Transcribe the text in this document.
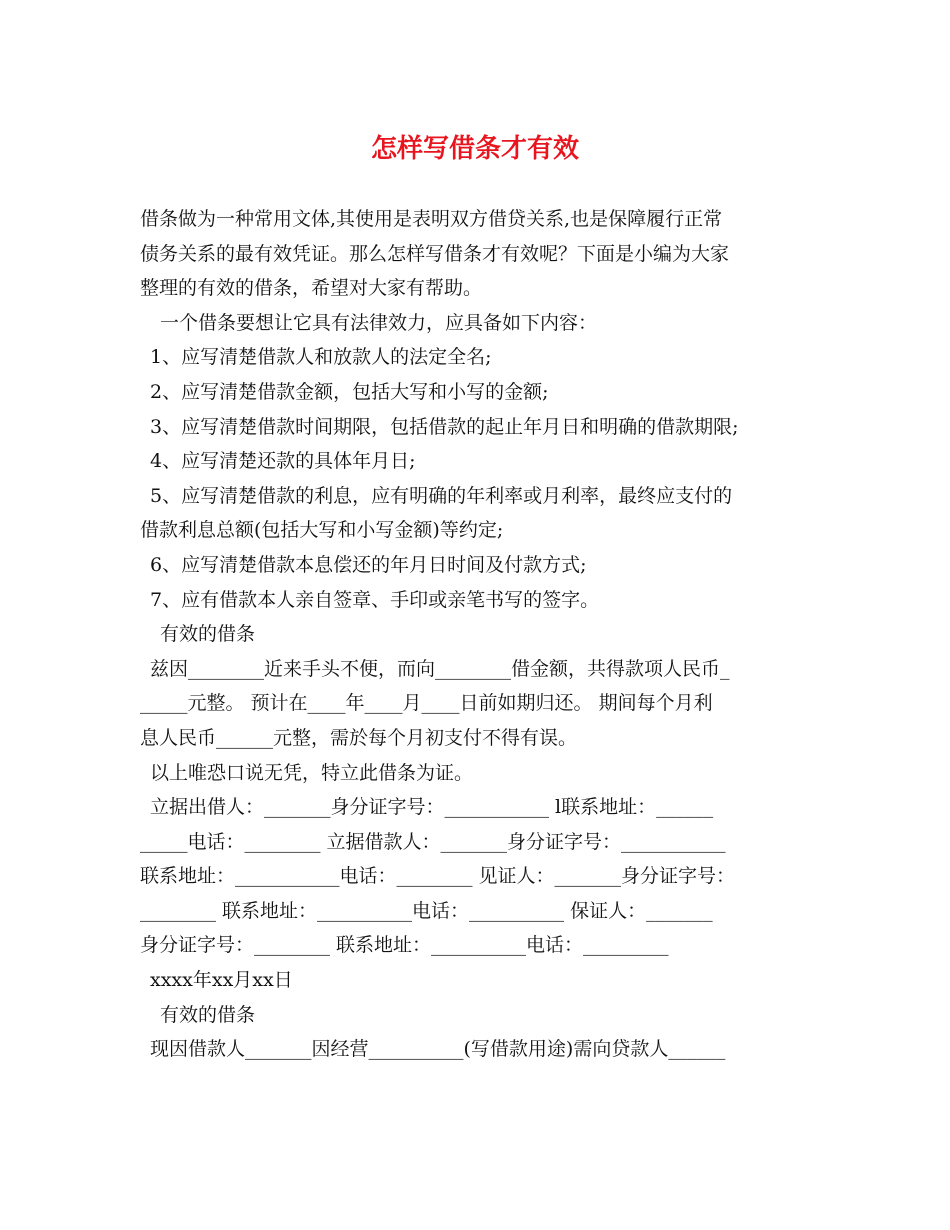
怎样写借条才有效

借条做为一种常用文体,其使用是表明双方借贷关系,也是保障履行正常

债务关系的最有效凭证。那么怎样写借条才有效呢？下面是小编为大家

整理的有效的借条，希望对大家有帮助。

一个借条要想让它具有法律效力，应具备如下内容：

1、应写清楚借款人和放款人的法定全名;

2、应写清楚借款金额，包括大写和小写的金额;

3、应写清楚借款时间期限，包括借款的起止年月日和明确的借款期限;

4、应写清楚还款的具体年月日;

5、应写清楚借款的利息，应有明确的年利率或月利率，最终应支付的

借款利息总额(包括大写和小写金额)等约定;

6、应写清楚借款本息偿还的年月日时间及付款方式;

7、应有借款本人亲自签章、手印或亲笔书写的签字。

有效的借条

兹因________近来手头不便，而向________借金额，共得款项人民币_

_____元整。 预计在____年____月____日前如期归还。 期间每个月利

息人民币______元整，需於每个月初支付不得有误。

以上唯恐口说无凭，特立此借条为证。

立据出借人：_______身分证字号：___________ l联系地址：______

_____电话：________ 立据借款人：_______身分证字号：___________

联系地址：___________电话：________ 见证人：_______身分证字号：

________ 联系地址：__________电话：__________ 保证人：_______

身分证字号：________ 联系地址：__________电话：_________

xxxx年xx月xx日

有效的借条

现因借款人_______因经营__________(写借款用途)需向贷款人______
